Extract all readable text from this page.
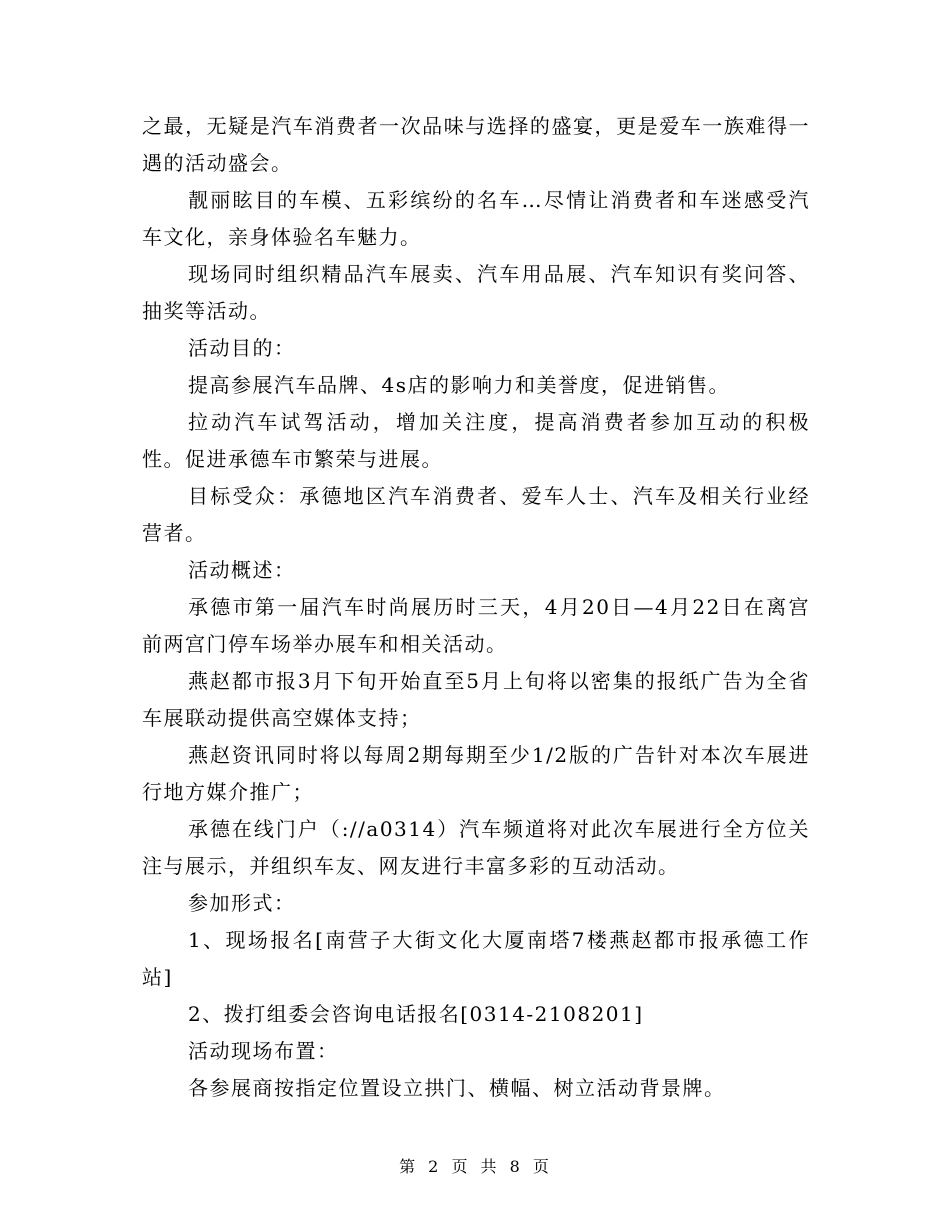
之最，无疑是汽车消费者一次品味与选择的盛宴，更是爱车一族难得一遇的活动盛会。

靓丽眩目的车模、五彩缤纷的名车…尽情让消费者和车迷感受汽车文化，亲身体验名车魅力。

现场同时组织精品汽车展卖、汽车用品展、汽车知识有奖问答、抽奖等活动。

活动目的：

提高参展汽车品牌、4s店的影响力和美誉度，促进销售。

拉动汽车试驾活动，增加关注度，提高消费者参加互动的积极性。促进承德车市繁荣与进展。

目标受众：承德地区汽车消费者、爱车人士、汽车及相关行业经营者。

活动概述：

承德市第一届汽车时尚展历时三天，4月20日—4月22日在离宫前两宫门停车场举办展车和相关活动。

燕赵都市报3月下旬开始直至5月上旬将以密集的报纸广告为全省车展联动提供高空媒体支持；

燕赵资讯同时将以每周2期每期至少1/2版的广告针对本次车展进行地方媒介推广；

承德在线门户（://a0314）汽车频道将对此次车展进行全方位关注与展示，并组织车友、网友进行丰富多彩的互动活动。

参加形式：

1、现场报名[南营子大街文化大厦南塔7楼燕赵都市报承德工作站]

2、拨打组委会咨询电话报名[0314-2108201]

活动现场布置：

各参展商按指定位置设立拱门、横幅、树立活动背景牌。

第 2 页 共 8 页
